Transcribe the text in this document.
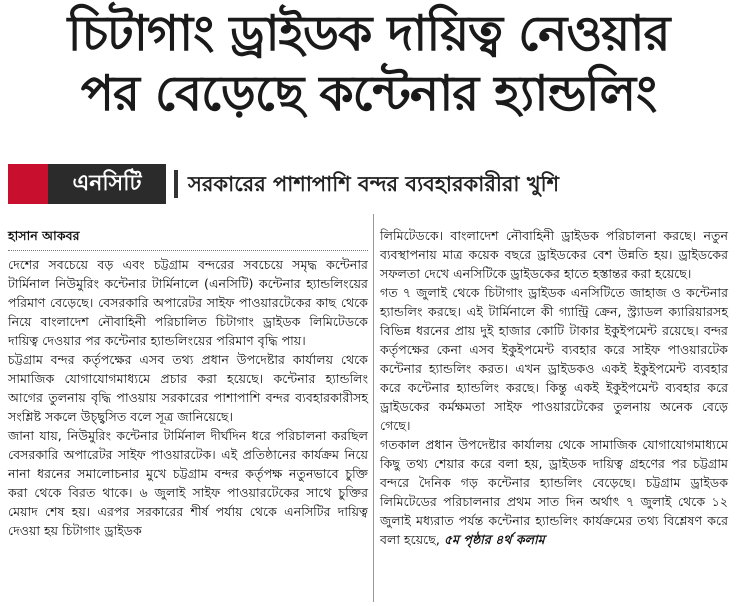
চিটাগাং ড্রাইডক দায়িত্ব নেওয়ার
পর বেড়েছে কন্টেনার হ্যান্ডলিং
এনসিটি	সরকারের পাশাপাশি বন্দর ব্যবহারকারীরা খুশি
হাসান আকবর

দেশের সবচেয়ে বড় এবং চট্টগ্রাম বন্দরের সবচেয়ে সমৃদ্ধ কন্টেনার টার্মিনাল নিউমুরিং কন্টেনার টার্মিনালে (এনসিটি) কন্টেনার হ্যান্ডলিংয়ের পরিমাণ বেড়েছে। বেসরকারি অপারেটর সাইফ পাওয়ারটেকের কাছ থেকে নিয়ে বাংলাদেশ নৌবাহিনী পরিচালিত চিটাগাং ড্রাইডক লিমিটেডকে দায়িত্ব দেওয়ার পর কন্টেনার হ্যান্ডলিংয়ের পরিমাণ বৃদ্ধি পায়।

চট্টগ্রাম বন্দর কর্তৃপক্ষের এসব তথ্য প্রধান উপদেষ্টার কার্যালয় থেকে সামাজিক যোগাযোগমাধ্যমে প্রচার করা হয়েছে। কন্টেনার হ্যান্ডলিং আগের তুলনায় বৃদ্ধি পাওয়ায় সরকারের পাশাপাশি বন্দর ব্যবহারকারীসহ সংশ্লিষ্ট সকলে উচ্ছ্বসিত বলে সূত্র জানিয়েছে।

জানা যায়, নিউমুরিং কন্টেনার টার্মিনাল দীর্ঘদিন ধরে পরিচালনা করছিল বেসরকারি অপারেটর সাইফ পাওয়ারটেক। এই প্রতিষ্ঠানের কার্যক্রম নিয়ে নানা ধরনের সমালোচনার মুখে চট্টগ্রাম বন্দর কর্তৃপক্ষ নতুনভাবে চুক্তি করা থেকে বিরত থাকে। ৬ জুলাই সাইফ পাওয়ারটেকের সাথে চুক্তির মেয়াদ শেষ হয়। এরপর সরকারের শীর্ষ পর্যায় থেকে এনসিটির দায়িত্ব দেওয়া হয় চিটাগাং ড্রাইডক

লিমিটেডকে। বাংলাদেশ নৌবাহিনী ড্রাইডক পরিচালনা করছে। নতুন ব্যবস্থাপনায় মাত্র কয়েক বছরে ড্রাইডকের বেশ উন্নতি হয়। ড্রাইডকের সফলতা দেখে এনসিটিকে ড্রাইডকের হাতে হস্তান্তর করা হয়েছে।

গত ৭ জুলাই থেকে চিটাগাং ড্রাইডক এনসিটিতে জাহাজ ও কন্টেনার হ্যান্ডলিং করছে। এই টার্মিনালে কী গ্যান্ট্রি ক্রেন, স্ট্র্যাডল ক্যারিয়ারসহ বিভিন্ন ধরনের প্রায় দুই হাজার কোটি টাকার ইকুইপমেন্ট রয়েছে। বন্দর কর্তৃপক্ষের কেনা এসব ইকুইপমেন্ট ব্যবহার করে সাইফ পাওয়ারটেক কন্টেনার হ্যান্ডলিং করত। এখন ড্রাইডকও একই ইকুইপমেন্ট ব্যবহার করে কন্টেনার হ্যান্ডলিং করছে। কিন্তু একই ইকুইপমেন্ট ব্যবহার করে ড্রাইডকের কর্মক্ষমতা সাইফ পাওয়ারটেকের তুলনায় অনেক বেড়ে গেছে।

গতকাল প্রধান উপদেষ্টার কার্যালয় থেকে সামাজিক যোগাযোগমাধ্যমে কিছু তথ্য শেয়ার করে বলা হয়, ড্রাইডক দায়িত্ব গ্রহণের পর চট্টগ্রাম বন্দরে দৈনিক গড় কন্টেনার হ্যান্ডলিং বেড়েছে। চট্টগ্রাম ড্রাইডক লিমিটেডের পরিচালনার প্রথম সাত দিন অর্থাৎ ৭ জুলাই থেকে ১২ জুলাই মধ্যরাত পর্যন্ত কন্টেনার হ্যান্ডলিং কার্যক্রমের তথ্য বিশ্লেষণ করে বলা হয়েছে, ৫ম পৃষ্ঠার ৪র্থ কলাম
